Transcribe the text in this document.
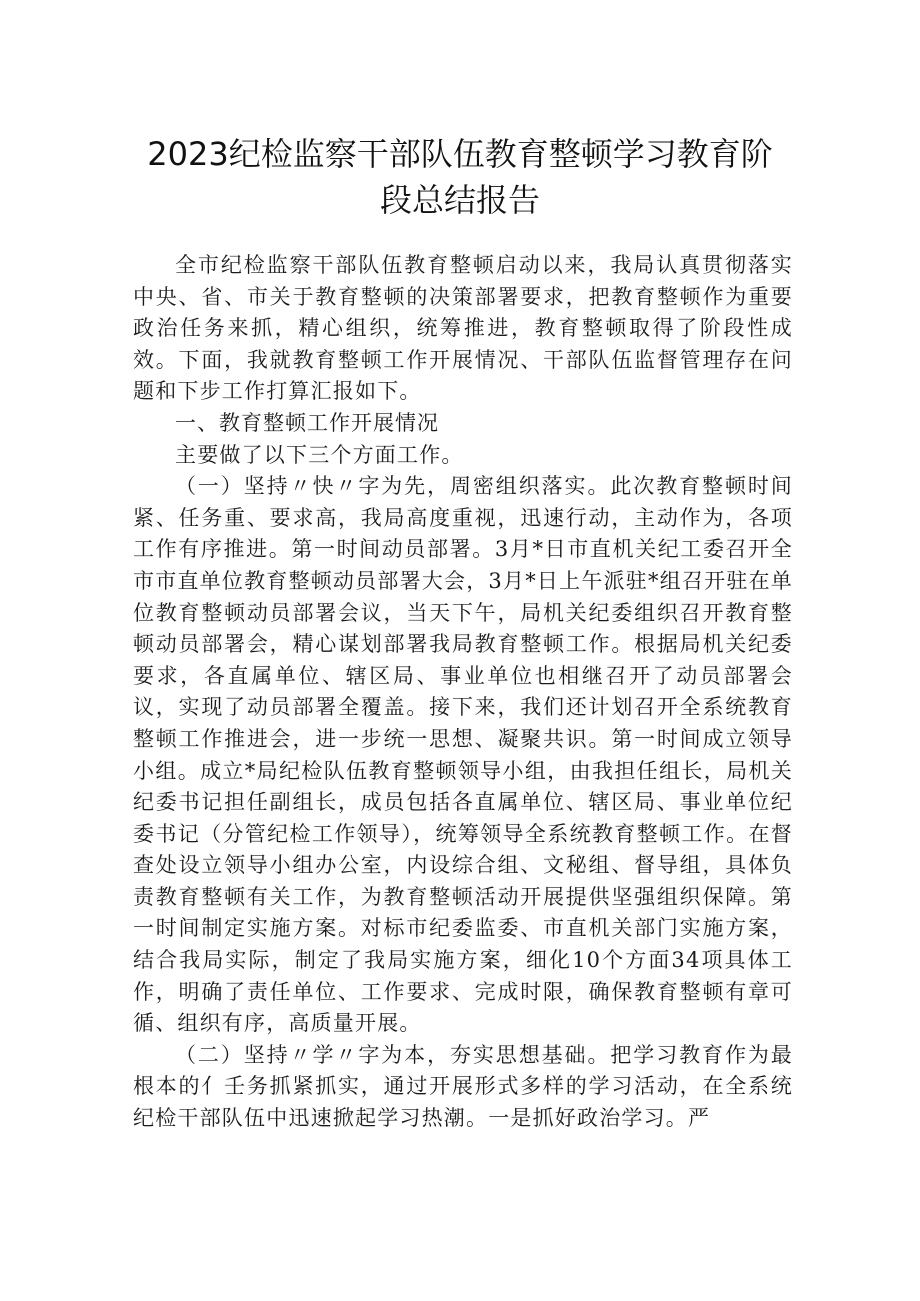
2023纪检监察干部队伍教育整顿学习教育阶
段总结报告

全市纪检监察干部队伍教育整顿启动以来，我局认真贯彻落实中央、省、市关于教育整顿的决策部署要求，把教育整顿作为重要政治任务来抓，精心组织，统筹推进，教育整顿取得了阶段性成效。下面，我就教育整顿工作开展情况、干部队伍监督管理存在问题和下步工作打算汇报如下。

一、教育整顿工作开展情况

主要做了以下三个方面工作。

（一）坚持〃快〃字为先，周密组织落实。此次教育整顿时间紧、任务重、要求高，我局高度重视，迅速行动，主动作为，各项工作有序推进。第一时间动员部署。3月*日市直机关纪工委召开全市市直单位教育整顿动员部署大会，3月*日上午派驻*组召开驻在单位教育整顿动员部署会议，当天下午，局机关纪委组织召开教育整顿动员部署会，精心谋划部署我局教育整顿工作。根据局机关纪委要求，各直属单位、辖区局、事业单位也相继召开了动员部署会议，实现了动员部署全覆盖。接下来，我们还计划召开全系统教育整顿工作推进会，进一步统一思想、凝聚共识。第一时间成立领导小组。成立*局纪检队伍教育整顿领导小组，由我担任组长，局机关纪委书记担任副组长，成员包括各直属单位、辖区局、事业单位纪委书记（分管纪检工作领导），统筹领导全系统教育整顿工作。在督查处设立领导小组办公室，内设综合组、文秘组、督导组，具体负责教育整顿有关工作，为教育整顿活动开展提供坚强组织保障。第一时间制定实施方案。对标市纪委监委、市直机关部门实施方案，结合我局实际，制定了我局实施方案，细化10个方面34项具体工作，明确了责任单位、工作要求、完成时限，确保教育整顿有章可循、组织有序，高质量开展。

（二）坚持〃学〃字为本，夯实思想基础。把学习教育作为最根本的亻壬务抓紧抓实，通过开展形式多样的学习活动，在全系统纪检干部队伍中迅速掀起学习热潮。一是抓好政治学习。严
